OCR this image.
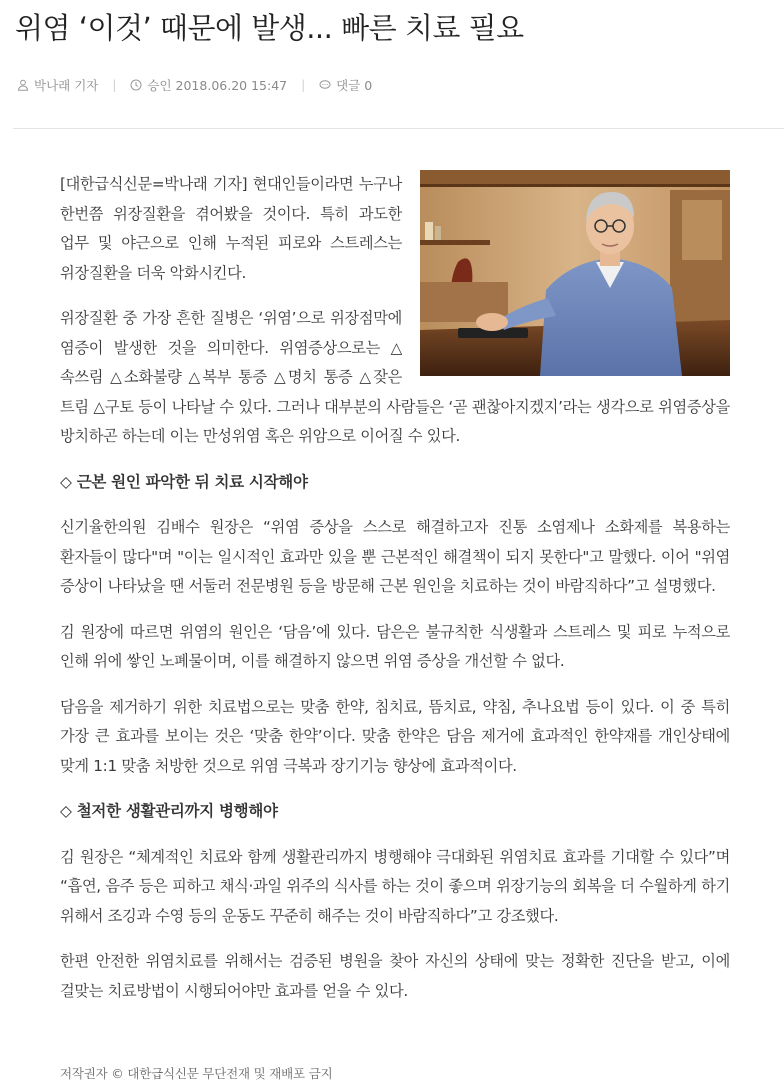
위염 ‘이것’ 때문에 발생... 빠른 치료 필요
박나래 기자 | 승인 2018.06.20 15:47 | 댓글 0

[대한급식신문=박나래 기자] 현대인들이라면 누구나 한번쯤 위장질환을 겪어봤을 것이다. 특히 과도한 업무 및 야근으로 인해 누적된 피로와 스트레스는 위장질환을 더욱 악화시킨다.

위장질환 중 가장 흔한 질병은 ‘위염’으로 위장점막에 염증이 발생한 것을 의미한다. 위염증상으로는 △속쓰림 △소화불량 △복부 통증 △명치 통증 △잦은 트림 △구토 등이 나타날 수 있다. 그러나 대부분의 사람들은 ‘곧 괜찮아지겠지’라는 생각으로 위염증상을 방치하곤 하는데 이는 만성위염 혹은 위암으로 이어질 수 있다.

◇ 근본 원인 파악한 뒤 치료 시작해야

신기율한의원 김배수 원장은 “위염 증상을 스스로 해결하고자 진통 소염제나 소화제를 복용하는 환자들이 많다"며 "이는 일시적인 효과만 있을 뿐 근본적인 해결책이 되지 못한다"고 말했다. 이어 "위염 증상이 나타났을 땐 서둘러 전문병원 등을 방문해 근본 원인을 치료하는 것이 바람직하다”고 설명했다.

김 원장에 따르면 위염의 원인은 ‘담음’에 있다. 담은은 불규칙한 식생활과 스트레스 및 피로 누적으로 인해 위에 쌓인 노폐물이며, 이를 해결하지 않으면 위염 증상을 개선할 수 없다.

담음을 제거하기 위한 치료법으로는 맞춤 한약, 침치료, 뜸치료, 약침, 추나요법 등이 있다. 이 중 특히 가장 큰 효과를 보이는 것은 ‘맞춤 한약’이다. 맞춤 한약은 담음 제거에 효과적인 한약재를 개인상태에 맞게 1:1 맞춤 처방한 것으로 위염 극복과 장기기능 향상에 효과적이다.

◇ 철저한 생활관리까지 병행해야

김 원장은 “체계적인 치료와 함께 생활관리까지 병행해야 극대화된 위염치료 효과를 기대할 수 있다”며 “흡연, 음주 등은 피하고 채식·과일 위주의 식사를 하는 것이 좋으며 위장기능의 회복을 더 수월하게 하기 위해서 조깅과 수영 등의 운동도 꾸준히 해주는 것이 바람직하다”고 강조했다.

한편 안전한 위염치료를 위해서는 검증된 병원을 찾아 자신의 상태에 맞는 정확한 진단을 받고, 이에 걸맞는 치료방법이 시행되어야만 효과를 얻을 수 있다.

저작권자 © 대한급식신문 무단전재 및 재배포 금지
